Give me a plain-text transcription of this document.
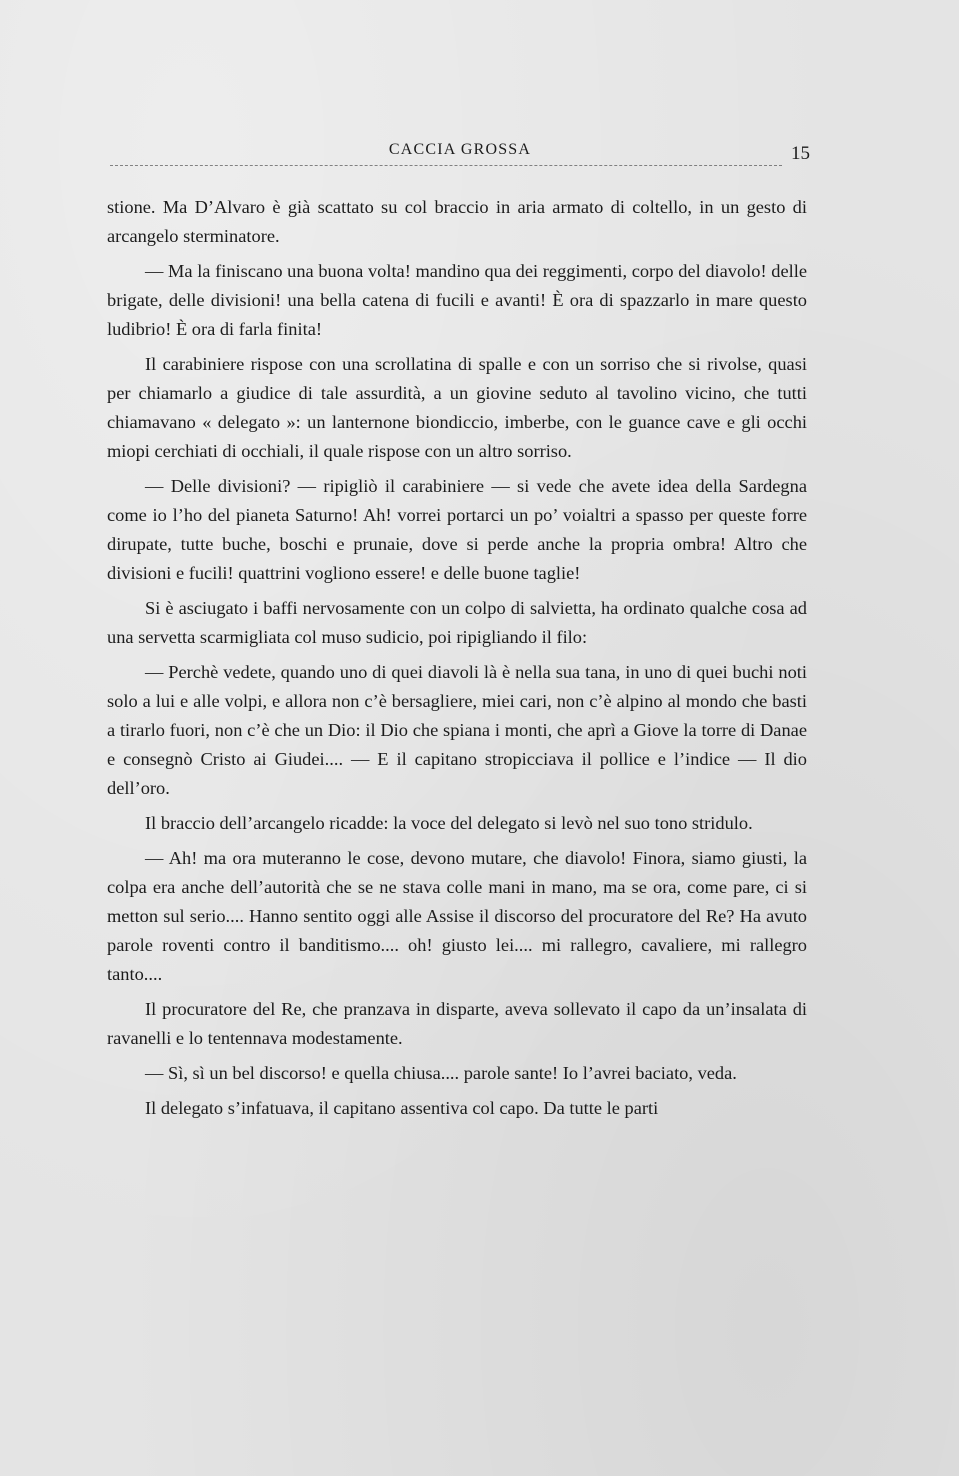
CACCIA GROSSA	15

stione. Ma D’Alvaro è già scattato su col braccio in aria armato di coltello, in un gesto di arcangelo sterminatore.

— Ma la finiscano una buona volta! mandino qua dei reggimenti, corpo del diavolo! delle brigate, delle divisioni! una bella catena di fucili e avanti! È ora di spazzarlo in mare questo ludibrio! È ora di farla finita!

Il carabiniere rispose con una scrollatina di spalle e con un sorriso che si rivolse, quasi per chiamarlo a giudice di tale assurdità, a un giovine seduto al tavolino vicino, che tutti chiamavano « delegato »: un lanternone biondiccio, imberbe, con le guance cave e gli occhi miopi cerchiati di occhiali, il quale rispose con un altro sorriso.

— Delle divisioni? — ripigliò il carabiniere — si vede che avete idea della Sardegna come io l’ho del pianeta Saturno! Ah! vorrei portarci un po’ voialtri a spasso per queste forre dirupate, tutte buche, boschi e prunaie, dove si perde anche la propria ombra! Altro che divisioni e fucili! quattrini vogliono essere! e delle buone taglie!

Si è asciugato i baffi nervosamente con un colpo di salvietta, ha ordinato qualche cosa ad una servetta scarmigliata col muso sudicio, poi ripigliando il filo:

— Perchè vedete, quando uno di quei diavoli là è nella sua tana, in uno di quei buchi noti solo a lui e alle volpi, e allora non c’è bersagliere, miei cari, non c’è alpino al mondo che basti a tirarlo fuori, non c’è che un Dio: il Dio che spiana i monti, che aprì a Giove la torre di Danae e consegnò Cristo ai Giudei.... — E il capitano stropicciava il pollice e l’indice — Il dio dell’oro.

Il braccio dell’arcangelo ricadde: la voce del delegato si levò nel suo tono stridulo.

— Ah! ma ora muteranno le cose, devono mutare, che diavolo! Finora, siamo giusti, la colpa era anche dell’autorità che se ne stava colle mani in mano, ma se ora, come pare, ci si metton sul serio.... Hanno sentito oggi alle Assise il discorso del procuratore del Re? Ha avuto parole roventi contro il banditismo.... oh! giusto lei.... mi rallegro, cavaliere, mi rallegro tanto....

Il procuratore del Re, che pranzava in disparte, aveva sollevato il capo da un’insalata di ravanelli e lo tentennava modestamente.

— Sì, sì un bel discorso! e quella chiusa.... parole sante! Io l’avrei baciato, veda.

Il delegato s’infatuava, il capitano assentiva col capo. Da tutte le parti
